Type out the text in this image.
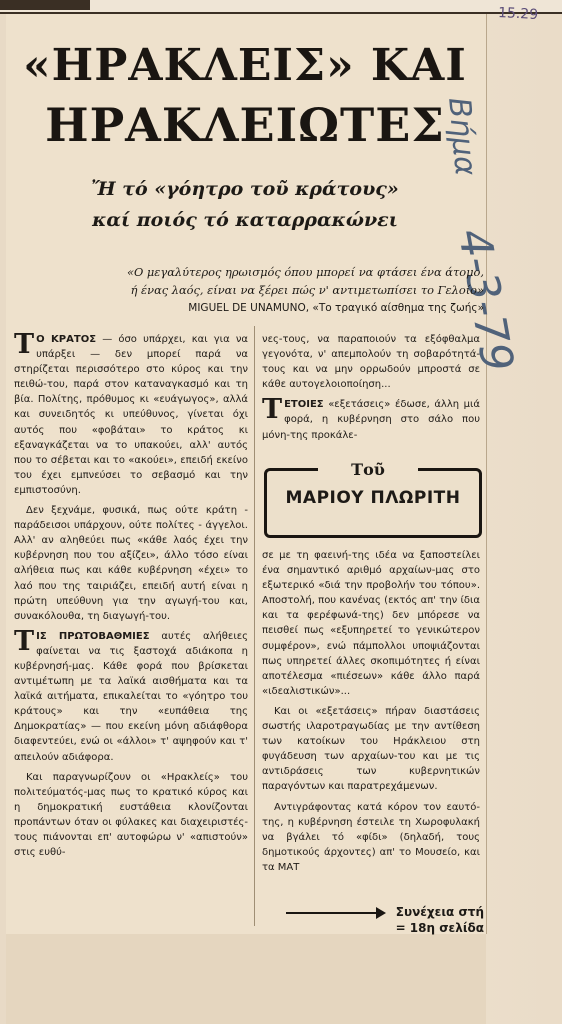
15.29
Βήμα
4-3-79
«ΗΡΑΚΛΕΙΣ» ΚΑΙ
ΗΡΑΚΛΕΙΩΤΕΣ
Ἤ τό «γόητρο τοῦ κράτους»
καί ποιός τό καταρρακώνει
«Ο μεγαλύτερος ηρωισμός όπου μπορεί να φτάσει ένα άτομο,
ή ένας λαός, είναι να ξέρει πώς ν' αντιμετωπίσει το Γελοίο»
MIGUEL DE UNAMUNO, «Το τραγικό αίσθημα της ζωής»

Τ Ο ΚΡΑΤΟΣ — όσο υπάρχει, και για να υπάρξει — δεν μπορεί παρά να στηρίζεται περισσότερο στο κύρος και την πειθώ-του, παρά στον καταναγκασμό και τη βία. Πολίτης, πρόθυμος κι «ευάγωγος», αλλά και συνειδητός κι υπεύθυνος, γίνεται όχι αυτός που «φοβάται» το κράτος κι εξαναγκάζεται να το υπακούει, αλλ' αυτός που το σέβεται και το «ακούει», επειδή εκείνο του έχει εμπνεύσει το σεβασμό και την εμπιστοσύνη.

Δεν ξεχνάμε, φυσικά, πως ούτε κράτη - παράδεισοι υπάρχουν, ούτε πολίτες - άγγελοι. Αλλ' αν αληθεύει πως «κάθε λαός έχει την κυβέρνηση που του αξίζει», άλλο τόσο είναι αλήθεια πως και κάθε κυβέρνηση «έχει» το λαό που της ταιριάζει, επειδή αυτή είναι η πρώτη υπεύθυνη για την αγωγή-του και, συνακόλουθα, τη διαγωγή-του.

ΤΙΣ ΠΡΩΤΟΒΑΘΜΙΕΣ αυτές αλήθειες φαίνεται να τις ξαστοχά αδιάκοπα η κυβέρνησή-μας. Κάθε φορά που βρίσκεται αντιμέτωπη με τα λαϊκά αισθήματα και τα λαϊκά αιτήματα, επικαλείται το «γόητρο του κράτους» και την «ευπάθεια της Δημοκρατίας» — που εκείνη μόνη αδιάφθορα διαφεντεύει, ενώ οι «άλλοι» τ' αψηφούν και τ' απειλούν αδιάφορα.

Και παραγνωρίζουν οι «Ηρακλείς» του πολιτεύματός-μας πως το κρατικό κύρος και η δημοκρατική ευστάθεια κλονίζονται προπάντων όταν οι φύλακες και διαχειριστές-τους πιάνονται επ' αυτοφώρω ν' «απιστούν» στις ευθύ-

νες-τους, να παραποιούν τα εξόφθαλμα γεγονότα, ν' απεμπολούν τη σοβαρότητά-τους και να μην ορρωδούν μπροστά σε κάθε αυτογελοιοποίηση...

ΤΕΤΟΙΕΣ «εξετάσεις» έδωσε, άλλη μιά φορά, η κυβέρνηση στο σάλο που μόνη-της προκάλε-

Τοῦ
ΜΑΡΙΟΥ ΠΛΩΡΙΤΗ

σε με τη φαεινή-της ιδέα να ξαποστείλει ένα σημαντικό αριθμό αρχαίων-μας στο εξωτερικό «διά την προβολήν του τόπου». Αποστολή, που κανένας (εκτός απ' την ίδια και τα φερέφωνά-της) δεν μπόρεσε να πεισθεί πως «εξυπηρετεί το γενικώτερον συμφέρον», ενώ πάμπολλοι υποψιάζονται πως υπηρετεί άλλες σκοπιμότητες ή είναι αποτέλεσμα «πιέσεων» κάθε άλλο παρά «ιδεαλιστικών»...

Και οι «εξετάσεις» πήραν διαστάσεις σωστής ιλαροτραγωδίας με την αντίθεση των κατοίκων του Ηράκλειου στη φυγάδευση των αρχαίων-του και με τις αντιδράσεις των κυβερνητικών παραγόντων και παρατρεχάμενων.

Αντιγράφοντας κατά κόρον τον εαυτό-της, η κυβέρνηση έστειλε τη Χωροφυλακή να βγάλει τό «φίδι» (δηλαδή, τους δημοτικούς άρχοντες) απ' το Μουσείο, και τα ΜΑΤ

Συνέχεια στή
= 18η σελίδα
